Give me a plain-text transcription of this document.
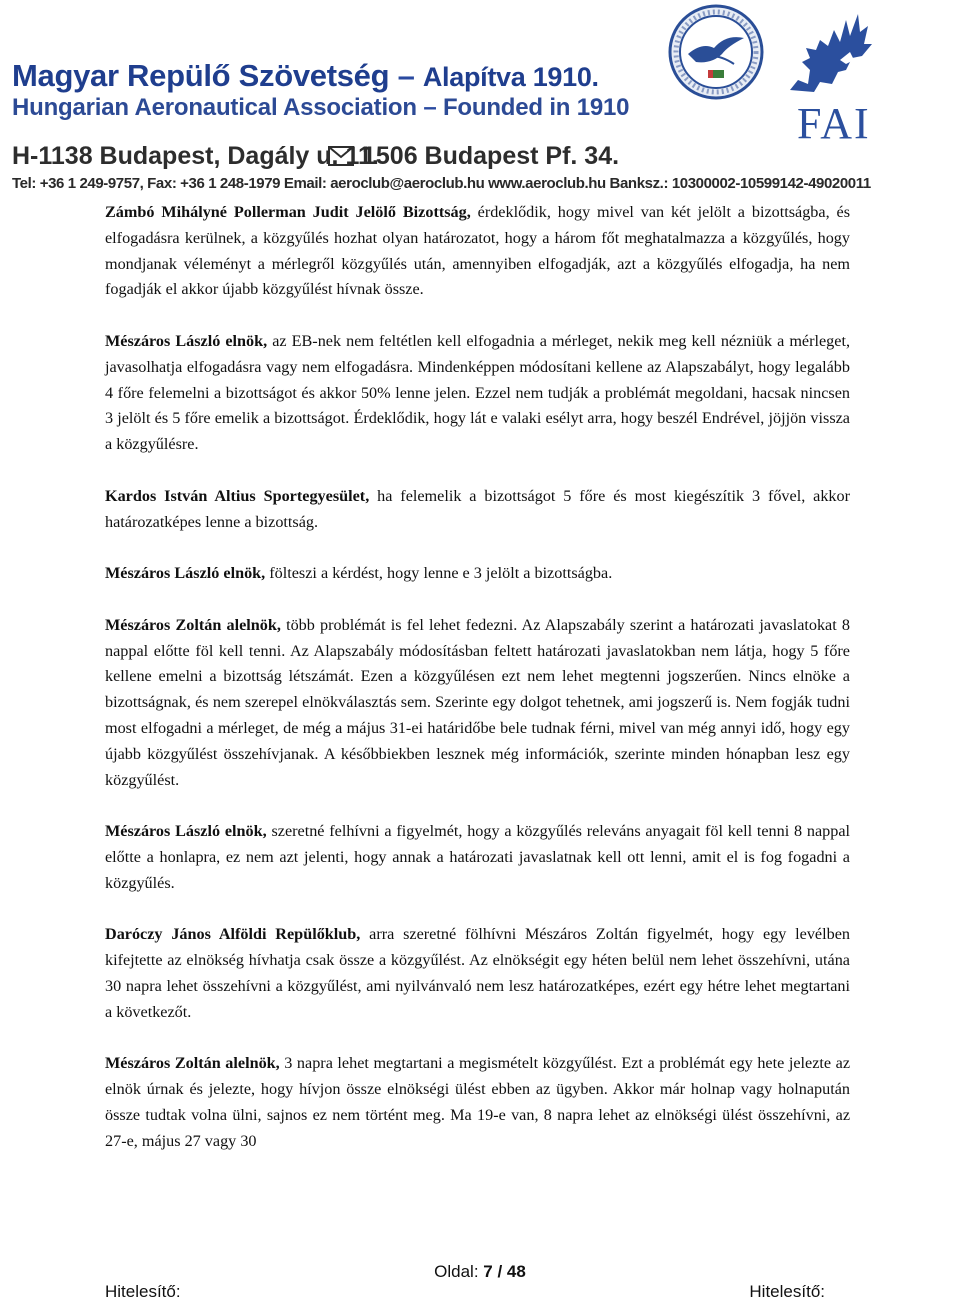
Magyar Repülő Szövetség – Alapítva 1910.
Hungarian Aeronautical Association – Founded in 1910
H-1138 Budapest, Dagály u. 11.
1506 Budapest Pf. 34.
Tel: +36 1 249-9757, Fax: +36 1 248-1979 Email: aeroclub@aeroclub.hu www.aeroclub.hu Banksz.: 10300002-10599142-49020011
FAI

Zámbó Mihályné Pollerman Judit Jelölő Bizottság, érdeklődik, hogy mivel van két jelölt a bizottságba, és elfogadásra kerülnek, a közgyűlés hozhat olyan határozatot, hogy a három főt meghatalmazza a közgyűlés, hogy mondjanak véleményt a mérlegről közgyűlés után, amennyiben elfogadják, azt a közgyűlés elfogadja, ha nem fogadják el akkor újabb közgyűlést hívnak össze.

Mészáros László elnök, az EB-nek nem feltétlen kell elfogadnia a mérleget, nekik meg kell nézniük a mérleget, javasolhatja elfogadásra vagy nem elfogadásra. Mindenképpen módosítani kellene az Alapszabályt, hogy legalább 4 főre felemelni a bizottságot és akkor 50% lenne jelen. Ezzel nem tudják a problémát megoldani, hacsak nincsen 3 jelölt és 5 főre emelik a bizottságot. Érdeklődik, hogy lát e valaki esélyt arra, hogy beszél Endrével, jöjjön vissza a közgyűlésre.

Kardos István Altius Sportegyesület, ha felemelik a bizottságot 5 főre és most kiegészítik 3 fővel, akkor határozatképes lenne a bizottság.

Mészáros László elnök, fölteszi a kérdést, hogy lenne e 3 jelölt a bizottságba.

Mészáros Zoltán alelnök, több problémát is fel lehet fedezni. Az Alapszabály szerint a határozati javaslatokat 8 nappal előtte föl kell tenni. Az Alapszabály módosításban feltett határozati javaslatokban nem látja, hogy 5 főre kellene emelni a bizottság létszámát. Ezen a közgyűlésen ezt nem lehet megtenni jogszerűen. Nincs elnöke a bizottságnak, és nem szerepel elnökválasztás sem. Szerinte egy dolgot tehetnek, ami jogszerű is. Nem fogják tudni most elfogadni a mérleget, de még a május 31-ei határidőbe bele tudnak férni, mivel van még annyi idő, hogy egy újabb közgyűlést összehívjanak. A későbbiekben lesznek még információk, szerinte minden hónapban lesz egy közgyűlést.

Mészáros László elnök, szeretné felhívni a figyelmét, hogy a közgyűlés releváns anyagait föl kell tenni 8 nappal előtte a honlapra, ez nem azt jelenti, hogy annak a határozati javaslatnak kell ott lenni, amit el is fog fogadni a közgyűlés.

Daróczy János Alföldi Repülőklub, arra szeretné fölhívni Mészáros Zoltán figyelmét, hogy egy levélben kifejtette az elnökség hívhatja csak össze a közgyűlést. Az elnökségit egy héten belül nem lehet összehívni, utána 30 napra lehet összehívni a közgyűlést, ami nyilvánvaló nem lesz határozatképes, ezért egy hétre lehet megtartani a következőt.

Mészáros Zoltán alelnök, 3 napra lehet megtartani a megismételt közgyűlést. Ezt a problémát egy hete jelezte az elnök úrnak és jelezte, hogy hívjon össze elnökségi ülést ebben az ügyben. Akkor már holnap vagy holnapután össze tudtak volna ülni, sajnos ez nem történt meg. Ma 19-e van, 8 napra lehet az elnökségi ülést összehívni, az 27-e, május 27 vagy 30

Oldal: 7 / 48
Hitelesítő:	Hitelesítő:
